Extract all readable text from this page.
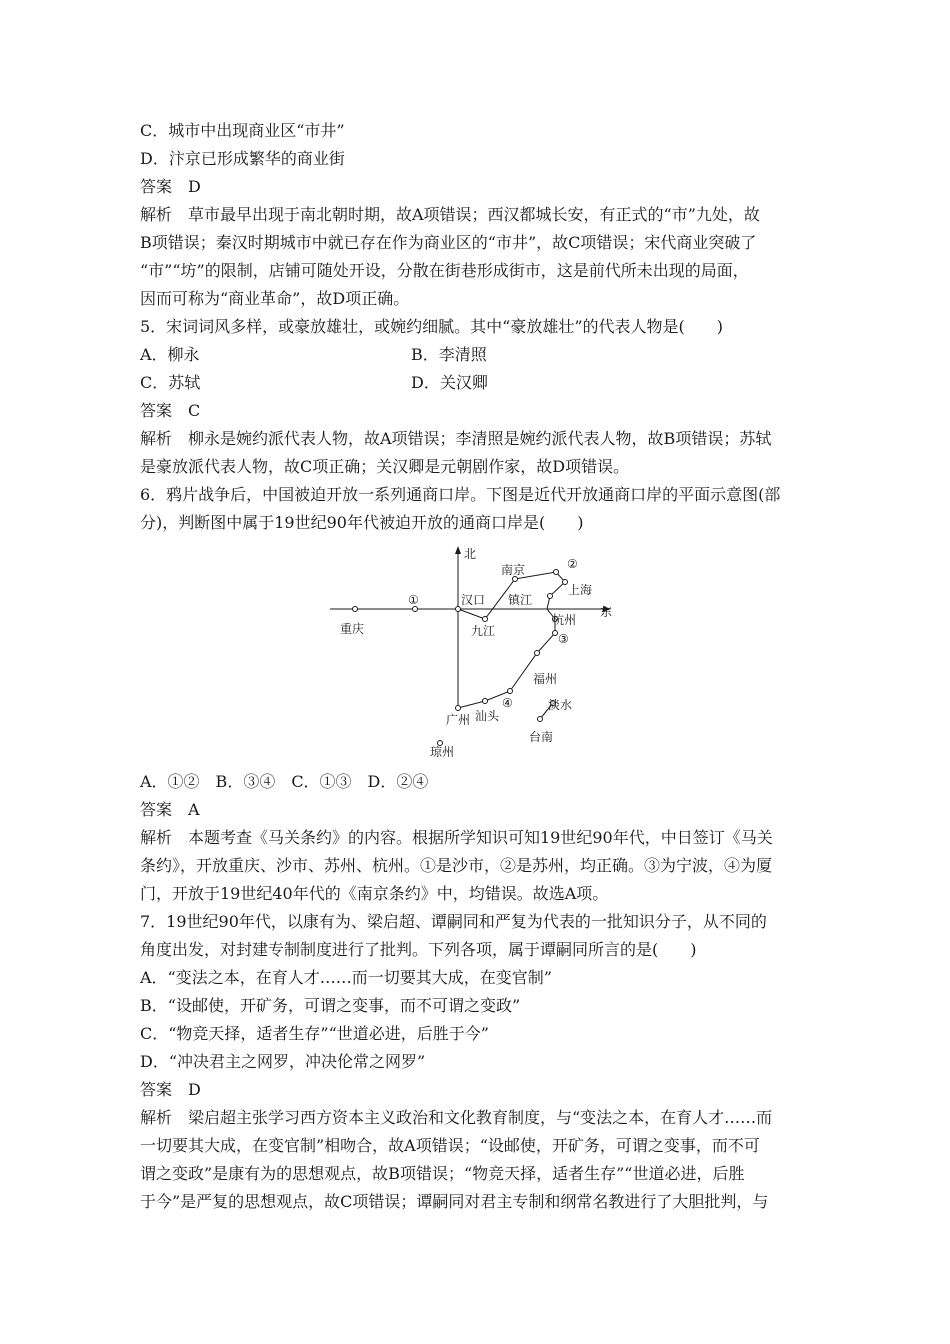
C．城市中出现商业区“市井”
D．汴京已形成繁华的商业街
答案　D
解析　草市最早出现于南北朝时期，故A项错误；西汉都城长安，有正式的“市”九处，故
B项错误；秦汉时期城市中就已存在作为商业区的“市井”，故C项错误；宋代商业突破了
“市”“坊”的限制，店铺可随处开设，分散在街巷形成街市，这是前代所未出现的局面，
因而可称为“商业革命”，故D项正确。
5．宋词词风多样，或豪放雄壮，或婉约细腻。其中“豪放雄壮”的代表人物是(　　)
A．柳永	B．李清照
C．苏轼	D．关汉卿
答案　C
解析　柳永是婉约派代表人物，故A项错误；李清照是婉约派代表人物，故B项错误；苏轼
是豪放派代表人物，故C项正确；关汉卿是元朝剧作家，故D项错误。
6．鸦片战争后，中国被迫开放一系列通商口岸。下图是近代开放通商口岸的平面示意图(部
分)，判断图中属于19世纪90年代被迫开放的通商口岸是(　　)
北
东
重庆
①	汉口
九江
南京
镇江
②
上海
杭州
③
福州
④
汕头
广州
琼州
淡水
台南
A．①②　B．③④　C．①③　D．②④
答案　A
解析　本题考查《马关条约》的内容。根据所学知识可知19世纪90年代，中日签订《马关
条约》，开放重庆、沙市、苏州、杭州。①是沙市，②是苏州，均正确。③为宁波，④为厦
门，开放于19世纪40年代的《南京条约》中，均错误。故选A项。
7．19世纪90年代，以康有为、梁启超、谭嗣同和严复为代表的一批知识分子，从不同的
角度出发，对封建专制制度进行了批判。下列各项，属于谭嗣同所言的是(　　)
A．“变法之本，在育人才……而一切要其大成，在变官制”
B．“设邮使，开矿务，可谓之变事，而不可谓之变政”
C．“物竞天择，适者生存”“世道必进，后胜于今”
D．“冲决君主之网罗，冲决伦常之网罗”
答案　D
解析　梁启超主张学习西方资本主义政治和文化教育制度，与“变法之本，在育人才……而
一切要其大成，在变官制”相吻合，故A项错误；“设邮使，开矿务，可谓之变事，而不可
谓之变政”是康有为的思想观点，故B项错误；“物竞天择，适者生存”“世道必进，后胜
于今”是严复的思想观点，故C项错误；谭嗣同对君主专制和纲常名教进行了大胆批判，与
